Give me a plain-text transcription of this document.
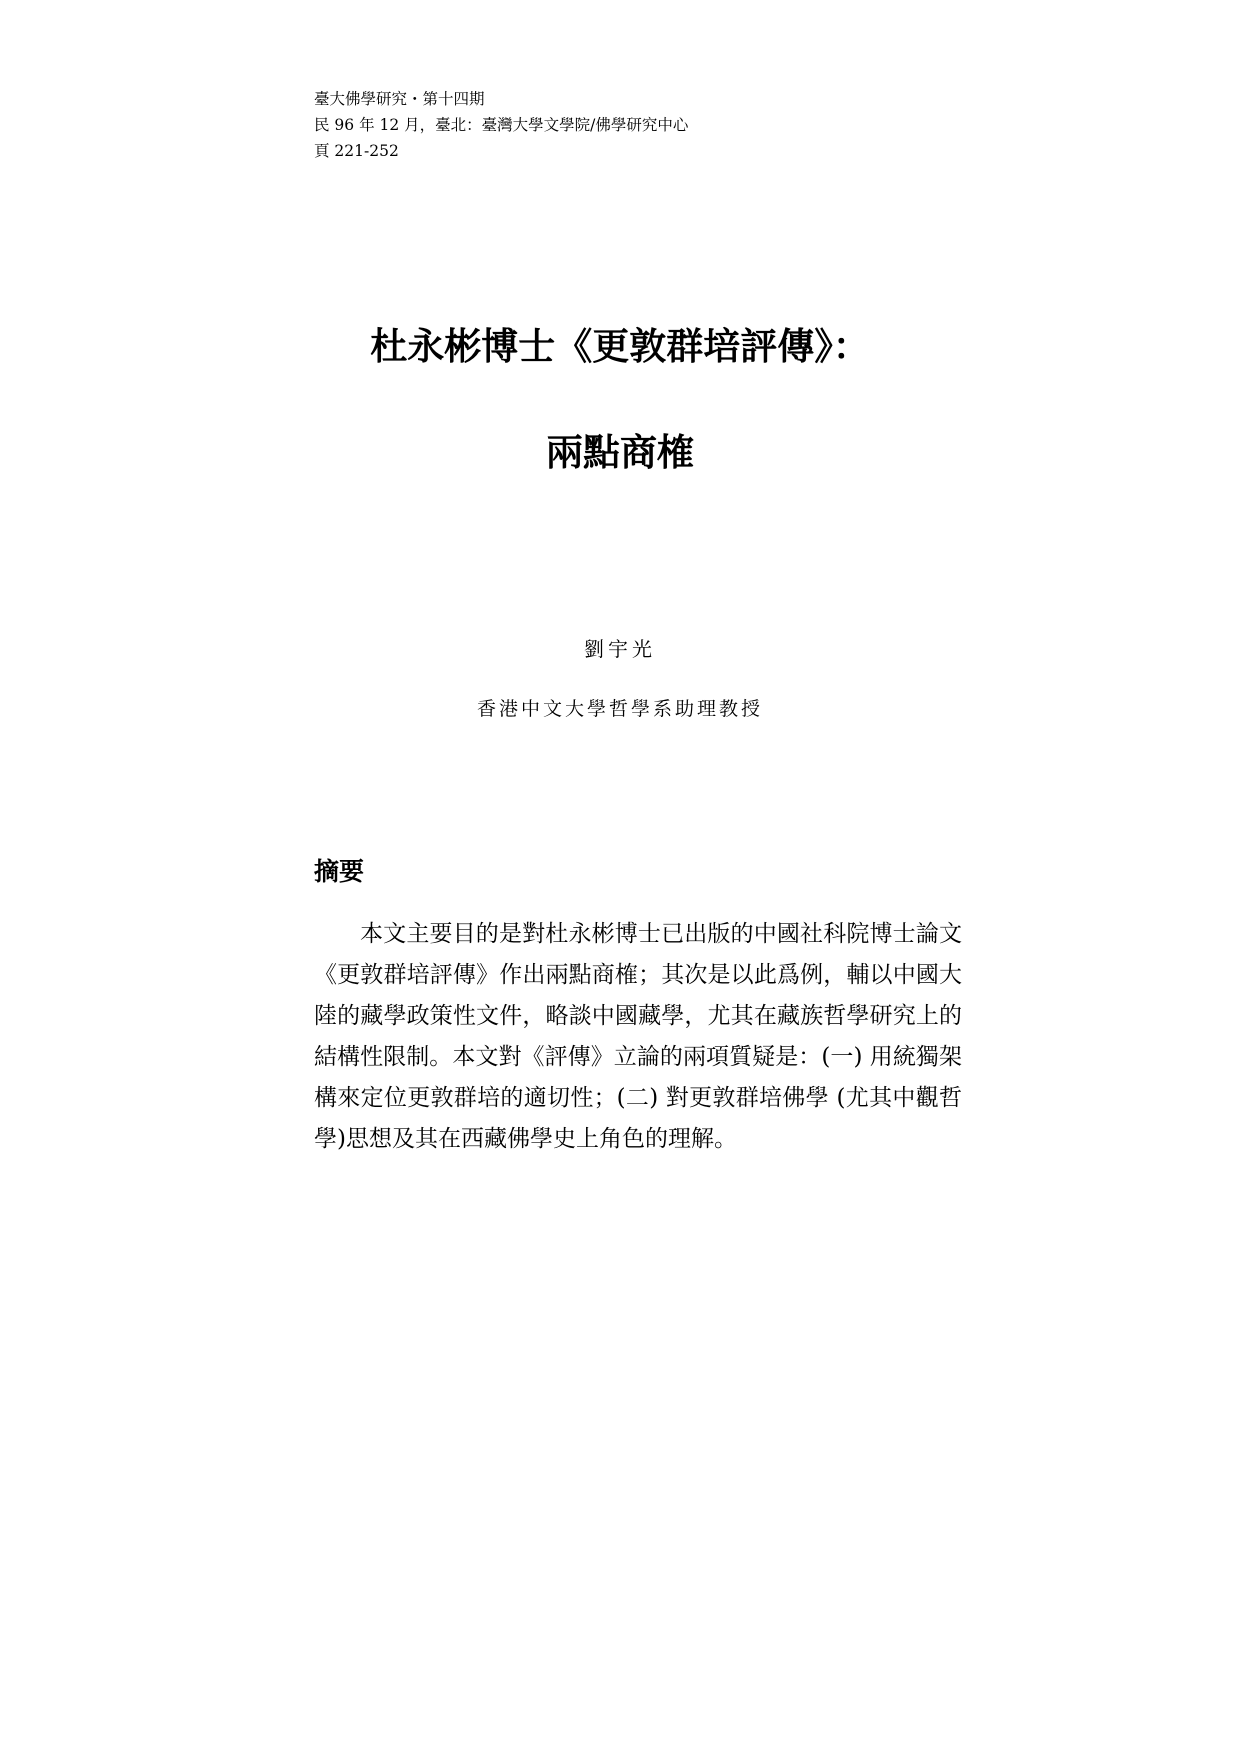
臺大佛學研究・第十四期
民 96 年 12 月，臺北：臺灣大學文學院/佛學研究中心
頁 221-252
杜永彬博士《更敦群培評傳》：
兩點商榷
劉宇光
香港中文大學哲學系助理教授
摘要

本文主要目的是對杜永彬博士已出版的中國社科院博士論文《更敦群培評傳》作出兩點商榷；其次是以此爲例，輔以中國大陸的藏學政策性文件，略談中國藏學，尤其在藏族哲學研究上的結構性限制。本文對《評傳》立論的兩項質疑是：(一) 用統獨架構來定位更敦群培的適切性；(二) 對更敦群培佛學 (尤其中觀哲學)思想及其在西藏佛學史上角色的理解。
